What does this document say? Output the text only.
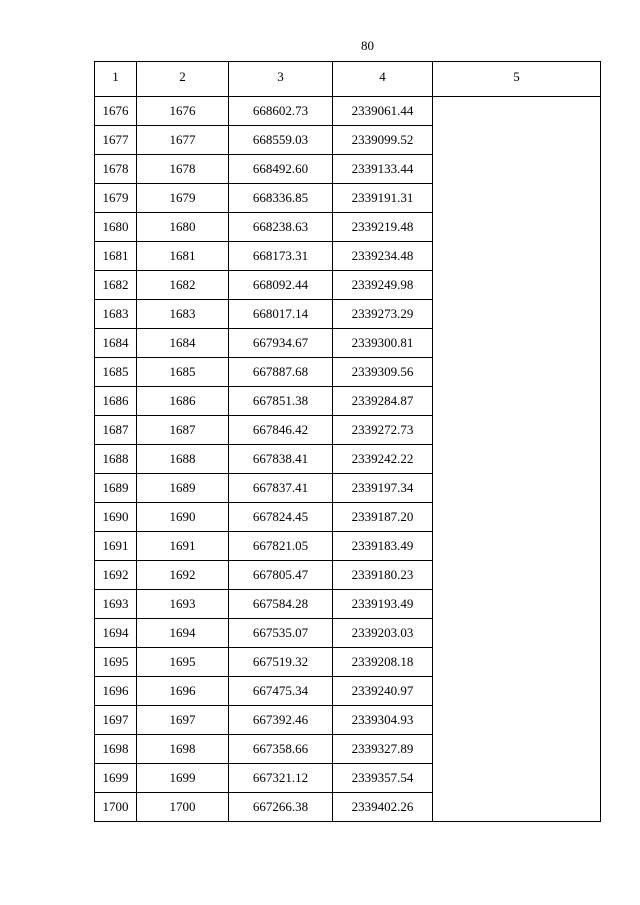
80
1	2	3	4	5
1676	1676	668602.73	2339061.44	
1677	1677	668559.03	2339099.52	
1678	1678	668492.60	2339133.44	
1679	1679	668336.85	2339191.31	
1680	1680	668238.63	2339219.48	
1681	1681	668173.31	2339234.48	
1682	1682	668092.44	2339249.98	
1683	1683	668017.14	2339273.29	
1684	1684	667934.67	2339300.81	
1685	1685	667887.68	2339309.56	
1686	1686	667851.38	2339284.87	
1687	1687	667846.42	2339272.73	
1688	1688	667838.41	2339242.22	
1689	1689	667837.41	2339197.34	
1690	1690	667824.45	2339187.20	
1691	1691	667821.05	2339183.49	
1692	1692	667805.47	2339180.23	
1693	1693	667584.28	2339193.49	
1694	1694	667535.07	2339203.03	
1695	1695	667519.32	2339208.18	
1696	1696	667475.34	2339240.97	
1697	1697	667392.46	2339304.93	
1698	1698	667358.66	2339327.89	
1699	1699	667321.12	2339357.54	
1700	1700	667266.38	2339402.26	
